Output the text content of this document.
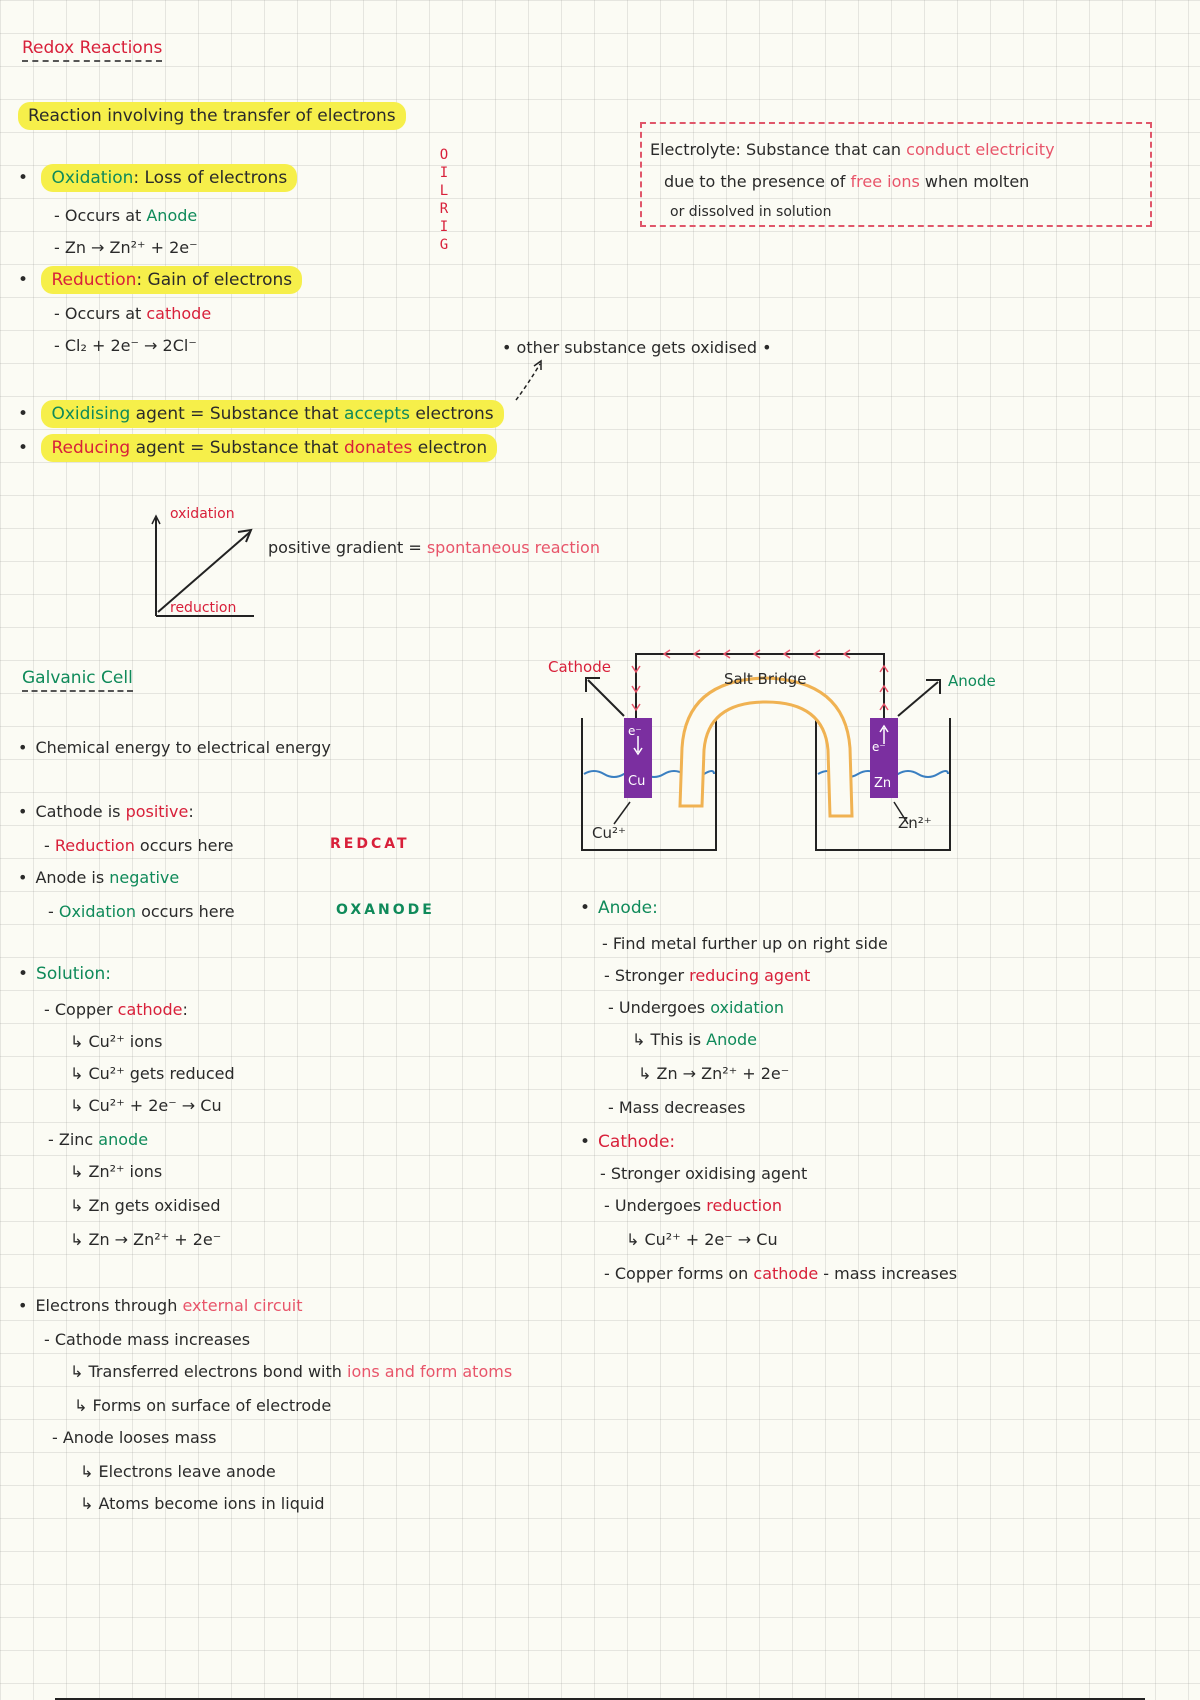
Redox Reactions
Reaction involving the transfer of electrons
O
I
L
R
I
G
• Oxidation: Loss of electrons
- Occurs at Anode
- Zn → Zn²⁺ + 2e⁻
• Reduction: Gain of electrons
- Occurs at cathode
- Cl₂ + 2e⁻ → 2Cl⁻
Electrolyte: Substance that can conduct electricity
due to the presence of free ions when molten
or dissolved in solution
• other substance gets oxidised •
• Oxidising agent = Substance that accepts electrons
• Reducing agent = Substance that donates electron
oxidation
reduction
positive gradient = spontaneous reaction
Galvanic Cell
• Chemical energy to electrical energy
• Cathode is positive:
- Reduction occurs here	REDCAT
• Anode is negative
- Oxidation occurs here	OXANODE
• Solution:
- Copper cathode:
↳ Cu²⁺ ions
↳ Cu²⁺ gets reduced
↳ Cu²⁺ + 2e⁻ → Cu
- Zinc anode
↳ Zn²⁺ ions
↳ Zn gets oxidised
↳ Zn → Zn²⁺ + 2e⁻
• Electrons through external circuit
- Cathode mass increases
↳ Transferred electrons bond with ions and form atoms
↳ Forms on surface of electrode
- Anode looses mass
↳ Electrons leave anode
↳ Atoms become ions in liquid
Cathode
Anode
Salt Bridge
e⁻
e⁻
Cu	Zn
Cu²⁺
Zn²⁺
• Anode:
- Find metal further up on right side
- Stronger reducing agent
- Undergoes oxidation
↳ This is Anode
↳ Zn → Zn²⁺ + 2e⁻
- Mass decreases
• Cathode:
- Stronger oxidising agent
- Undergoes reduction
↳ Cu²⁺ + 2e⁻ → Cu
- Copper forms on cathode - mass increases
